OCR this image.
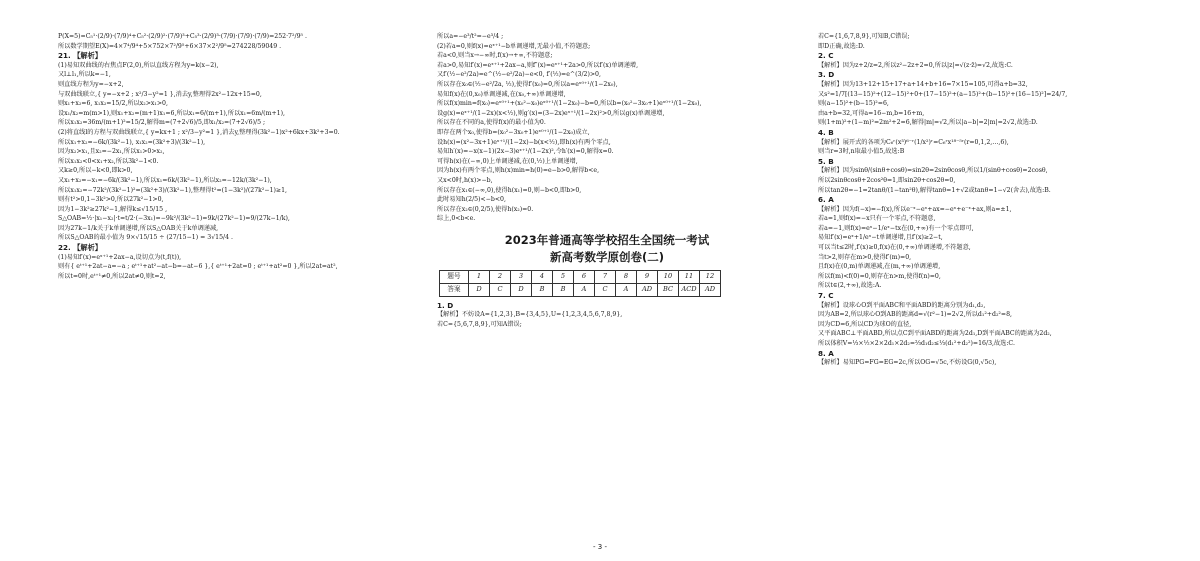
P(X=5)=C₅¹·(2/9)·(7/9)⁴+C₅²·(2/9)²·(7/9)³+C₅³·(2/9)³·(7/9)·(7/9)·(7/9)=252·7²/9⁵ .
所以数学期望E(X)=4×7⁴/9⁴+5×752×7²/9⁵+6×37×2²/9⁵=274228/59049 .
21. 【解析】
(1)易知双曲线的右焦点F(2,0),所以直线方程为y=k(x−2),
又l⊥l₁,所以k=−1,
则直线方程为y=−x+2,
与双曲线联立,{ y=−x+2 ; x²/3−y²=1 },消去y,整理得2x²−12x+15=0,
则x₁+x₂=6, x₁x₂=15/2,所以x₂>x₁>0,
设x₁/x₂=m(m>1),则x₁+x₂=(m+1)x₁=6,所以x₁=6/(m+1),所以x₁=6m/(m+1),
所以x₁x₂=36m/(m+1)²=15/2,解得m=(7+2√6)/5,即x₁/x₂=(7+2√6)/5 ;
(2)将直线l的方程与双曲线联立,{ y=kx+1 ; x²/3−y²=1 },消去y,整理得(3k²−1)x²+6kx+3k²+3=0.
所以x₁+x₂=−6k/(3k²−1), x₁x₂=(3k²+3)/(3k²−1),
因为x₂>x₁,且x₂=−2x₁,所以x₁>0>x₂,
所以x₁x₂<0<x₁+x₂,所以3k²−1<0.
又k≥0,所以−k<0,即k>0,
又x₁+x₂=−x₁=−6k/(3k²−1),所以x₁=6k/(3k²−1),所以x₂=−12k/(3k²−1),
所以x₁x₂=−72k²/(3k²−1)²=(3k²+3)/(3k²−1),整理得t²=(1−3k²)/(27k²−1)≥1,
则有t²>0,1−3k²>0,所以27k²−1>0,
因为1−3k²≥27k²−1,解得k≤√15/15 ,
S△OAB=½·|x₁−x₂|·t=t/2·(−3x₁)=−9k²/(3k²−1)=9k/(27k²−1)=9/(27k−1/k),
因为27k−1/k关于k单调递增,所以S△OAB关于k单调递减,
所以S△OAB的最小值为 9×√15/15 ÷ (27/15−1) = 3√15/4 .
22. 【解析】
(1)易知f′(x)=eˣ⁺¹+2ax−a,设切点为(t,f(t)),
则有{ eᵗ⁺¹+2at−a=−a ; eᵗ⁺¹+at²−at−b=−at−6 },{ eᵗ⁺¹+2at=0 ; eᵗ⁺¹+at²=0 },所以2at=at²,
所以t=0时,eᵗ⁺¹≠0,所以2at≠0,则t=2,
所以a=−e³/t²=−e³/4 ;
(2)若a=0,则f(x)=eˣ⁺¹−b单调递增,无最小值,不符题意;
若a<0,则当x→−∞时,f(x)→+∞,不符题意;
若a>0,易知f′(x)=eˣ⁺¹+2ax−a,则f″(x)=eˣ⁺¹+2a>0,所以f′(x)单调递增,
又f′(½−e²/2a)=e^(½−e²/2a)−e<0, f′(½)=e^(3/2)>0,
所以存在x₀∈(½−e²/2a, ½),使得f′(x₀)=0,所以a=eˣ⁰⁺¹/(1−2x₀),
易知f(x)在(0,x₀)单调递减,在(x₀,+∞)单调递增,
所以f(x)min=f(x₀)=eˣ⁰⁺¹+(x₀²−x₀)eˣ⁰⁺¹/(1−2x₀)−b=0,所以b=(x₀²−3x₀+1)eˣ⁰⁺¹/(1−2x₀),
设g(x)=eˣ⁺¹/(1−2x)(x<½),则g′(x)=(3−2x)eˣ⁺¹/(1−2x)²>0,所以g(x)单调递增,
所以存在不同的a,使得f(x)的最小值为0.
即存在两个x₀,使得b=(x₀²−3x₀+1)eˣ⁰⁺¹/(1−2x₀)成立,
设h(x)=(x²−3x+1)eˣ⁺¹/(1−2x)−b(x<½),即h(x)有两个零点,
易知h′(x)=−x(x−1)(2x−3)eˣ⁺¹/(1−2x)²,令h′(x)=0,解得x=0.
可得h(x)在(−∞,0)上单调递减,在(0,½)上单调递增,
因为h(x)有两个零点,则h(x)min=h(0)=e−b>0,解得b<e,
又x<0时,h(x)>−b,
所以存在x₁∈(−∞,0),使得h(x₁)=0,则−b<0,即b>0,
此时易知h(2/5)<−b<0,
所以存在x₂∈(0,2/5),使得h(x₂)=0.
综上,0<b<e.
2023年普通高等学校招生全国统一考试
新高考数学原创卷(二)
题号	1	2	3	4	5	6	7	8	9	10	11	12
答案	D	C	D	B	B	A	C	A	AD	BC	ACD	AD
1. D
【解析】不妨设A={1,2,3},B={3,4,5},U={1,2,3,4,5,6,7,8,9},
若C={5,6,7,8,9},可知A错误;
若C={1,6,7,8,9},可知B,C错误;
即D正确,故选:D.
2. C
【解析】因为z+2/z=2,所以z²−2z+2=0,所以|z|=√(z·z̄)=√2,故选:C.
3. D
【解析】因为13+12+15+17+a+14+b+16=7×15=105,可得a+b=32,
又s²=1/7[(13−15)²+(12−15)²+0+(17−15)²+(a−15)²+(b−15)²+(16−15)²]=24/7,
则(a−15)²+(b−15)²=6,
由a+b=32,可得a=16−m,b=16+m,
则(1+m)²+(1−m)²=2m²+2=6,解得|m|=√2,所以|a−b|=2|m|=2√2,故选:D.
4. B
【解析】展开式的各项为C₆ʳ(x³)⁶⁻ʳ(1/x²)ʳ=C₆ʳx¹⁸⁻⁵ʳ(r=0,1,2,…,6),
则当r=3时,n取最小值5,故选:B
5. B
【解析】因为sinθ/(sinθ+cosθ)=sin2θ=2sinθcosθ,所以1/(sinθ+cosθ)=2cosθ,
所以2sinθcosθ+2cos²θ=1,即sin2θ+cos2θ=0,
所以tan2θ=−1=2tanθ/(1−tan²θ),解得tanθ=1+√2或tanθ=1−√2(舍去),故选:B.
6. A
【解析】因为f(−x)=−f(x),所以e⁻ˣ−eˣ+ax=−eˣ+e⁻ˣ+ax,则a=±1,
若a=1,则f(x)=−x只有一个零点,不符题意,
若a=−1,则f(x)=eˣ−1/eˣ−tx在(0,+∞)有一个零点即可,
易知f′(x)=eˣ+1/eˣ−t单调递增,且f′(x)≥2−t,
可以当t≤2时,f′(x)≥0,f(x)在(0,+∞)单调递增,不符题意,
当t>2,则存在m>0,使得f′(m)=0,
且f(x)在(0,m)单调递减,在(m,+∞)单调递增,
所以f(m)<f(0)=0,则存在n>m,使得f(n)=0,
所以t∈(2,+∞),故选:A.
7. C
【解析】设球心O到平面ABC和平面ABD的距离分别为d₁,d₂,
因为AB=2,所以球心O到AB的距离d=√(r²−1)=2√2,所以d₁²+d₂²=8,
因为CD=6,所以CD为球O的直径,
又平面ABC⊥平面ABD,所以点C到平面ABD的距离为2d₁,D到平面ABC的距离为2d₂,
所以体积V=⅓×½×2×2d₁×2d₂=⅔d₁d₂≤⅓(d₁²+d₂²)=16/3,故选:C.
8. A
【解析】易知PG=FG=EG=2c,所以OG=√5c,不妨设G(0,√5c),
- 3 -
